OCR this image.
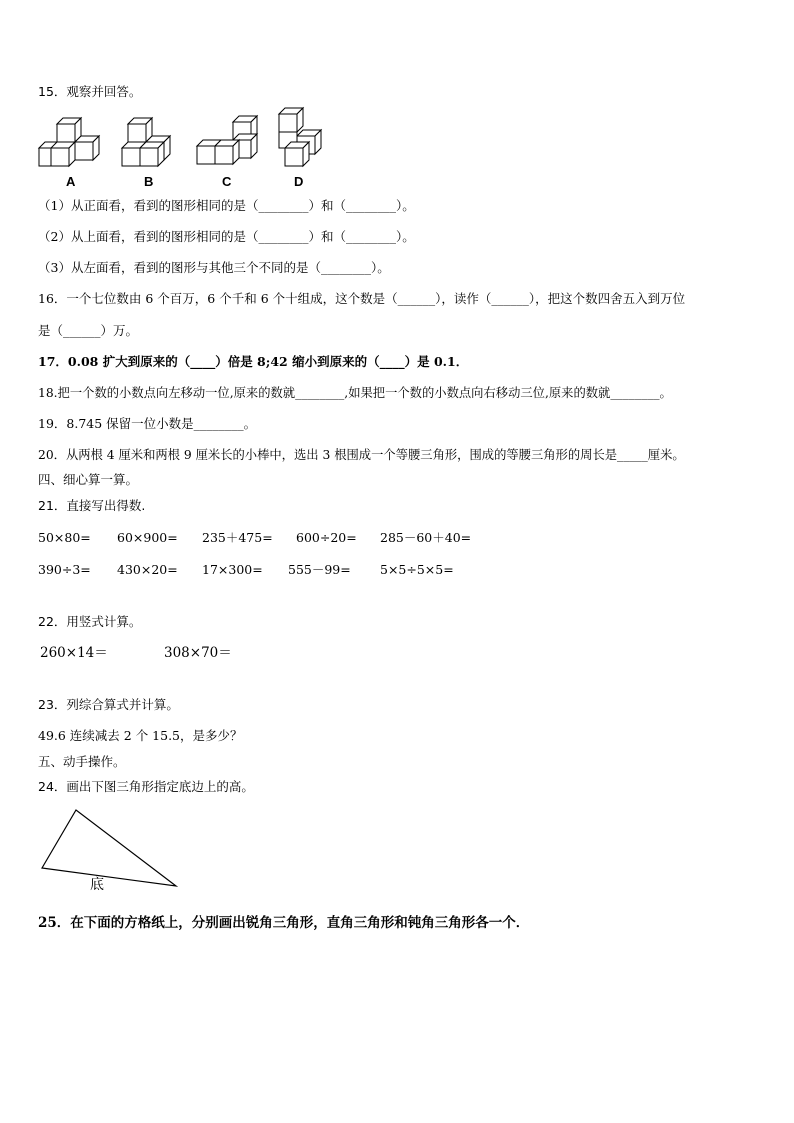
15．观察并回答。
A	B	C	D
（1）从正面看，看到的图形相同的是（________）和（________）。
（2）从上面看，看到的图形相同的是（________）和（________）。
（3）从左面看，看到的图形与其他三个不同的是（________）。
16．一个七位数由 6 个百万，6 个千和 6 个十组成，这个数是（______），读作（______），把这个数四舍五入到万位
是（______）万。
17．0.08 扩大到原来的（____）倍是 8;42 缩小到原来的（____）是 0.1．
18.把一个数的小数点向左移动一位,原来的数就________,如果把一个数的小数点向右移动三位,原来的数就________。
19．8.745 保留一位小数是________。
20．从两根 4 厘米和两根 9 厘米长的小棒中，选出 3 根围成一个等腰三角形，围成的等腰三角形的周长是_____厘米。
四、细心算一算。
21．直接写出得数.
50×80= 60×900= 235＋475= 600÷20= 285－60＋40=
390÷3= 430×20= 17×300= 555－99= 5×5÷5×5=
22．用竖式计算。
260×14＝	308×70＝
23．列综合算式并计算。
49.6 连续减去 2 个 15.5，是多少？
五、动手操作。
24．画出下图三角形指定底边上的高。
底
25．在下面的方格纸上，分别画出锐角三角形，直角三角形和钝角三角形各一个．
